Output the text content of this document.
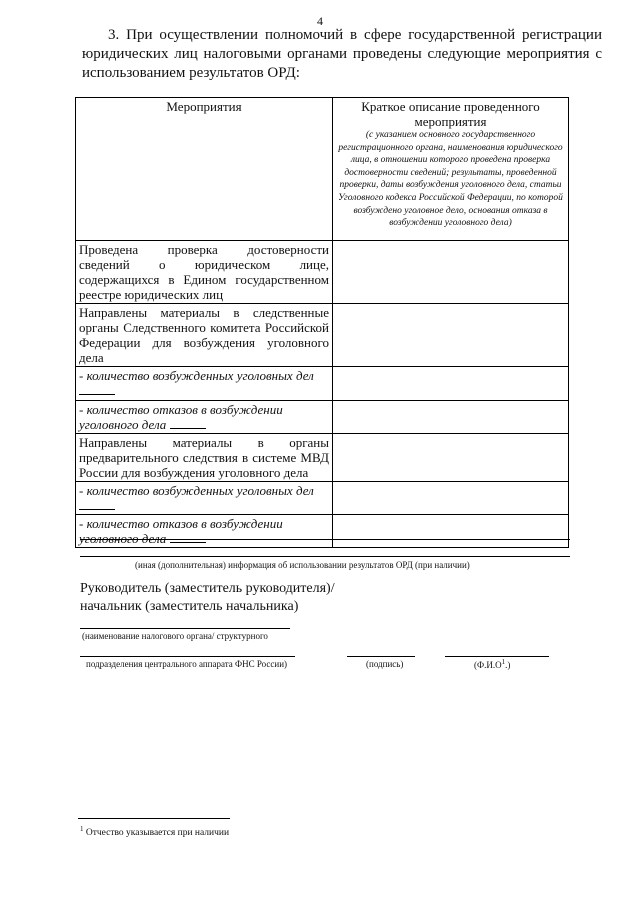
4
3. При осуществлении полномочий в сфере государственной регистрации юридических лиц налоговыми органами проведены следующие мероприятия с использованием результатов ОРД:
Мероприятия	Краткое описание проведенного мероприятия
(с указанием основного государственного регистрационного органа, наименования юридического лица, в отношении которого проведена проверка достоверности сведений; результаты, проведенной проверки, даты возбуждения уголовного дела, статьи Уголовного кодекса Российской Федерации, по которой возбуждено уголовное дело, основания отказа в возбуждении уголовного дела)

Проведена проверка достоверности сведений о юридическом лице, содержащихся в Едином государственном реестре юридических лиц	
Направлены материалы в следственные органы Следственного комитета Российской Федерации для возбуждения уголовного дела	
- количество возбужденных уголовных дел

- количество отказов в возбуждении уголовного дела	
Направлены материалы в органы предварительного следствия в системе МВД России для возбуждения уголовного дела	
- количество возбужденных уголовных дел

- количество отказов в возбуждении уголовного дела	
(иная (дополнительная) информация об использовании результатов ОРД (при наличии)
Руководитель (заместитель руководителя)/
начальник (заместитель начальника)
(наименование налогового органа/ структурного
подразделения центрального аппарата ФНС России)	(подпись)	$(Ф.И.О^1.)$
$^1$ Отчество указывается при наличии
